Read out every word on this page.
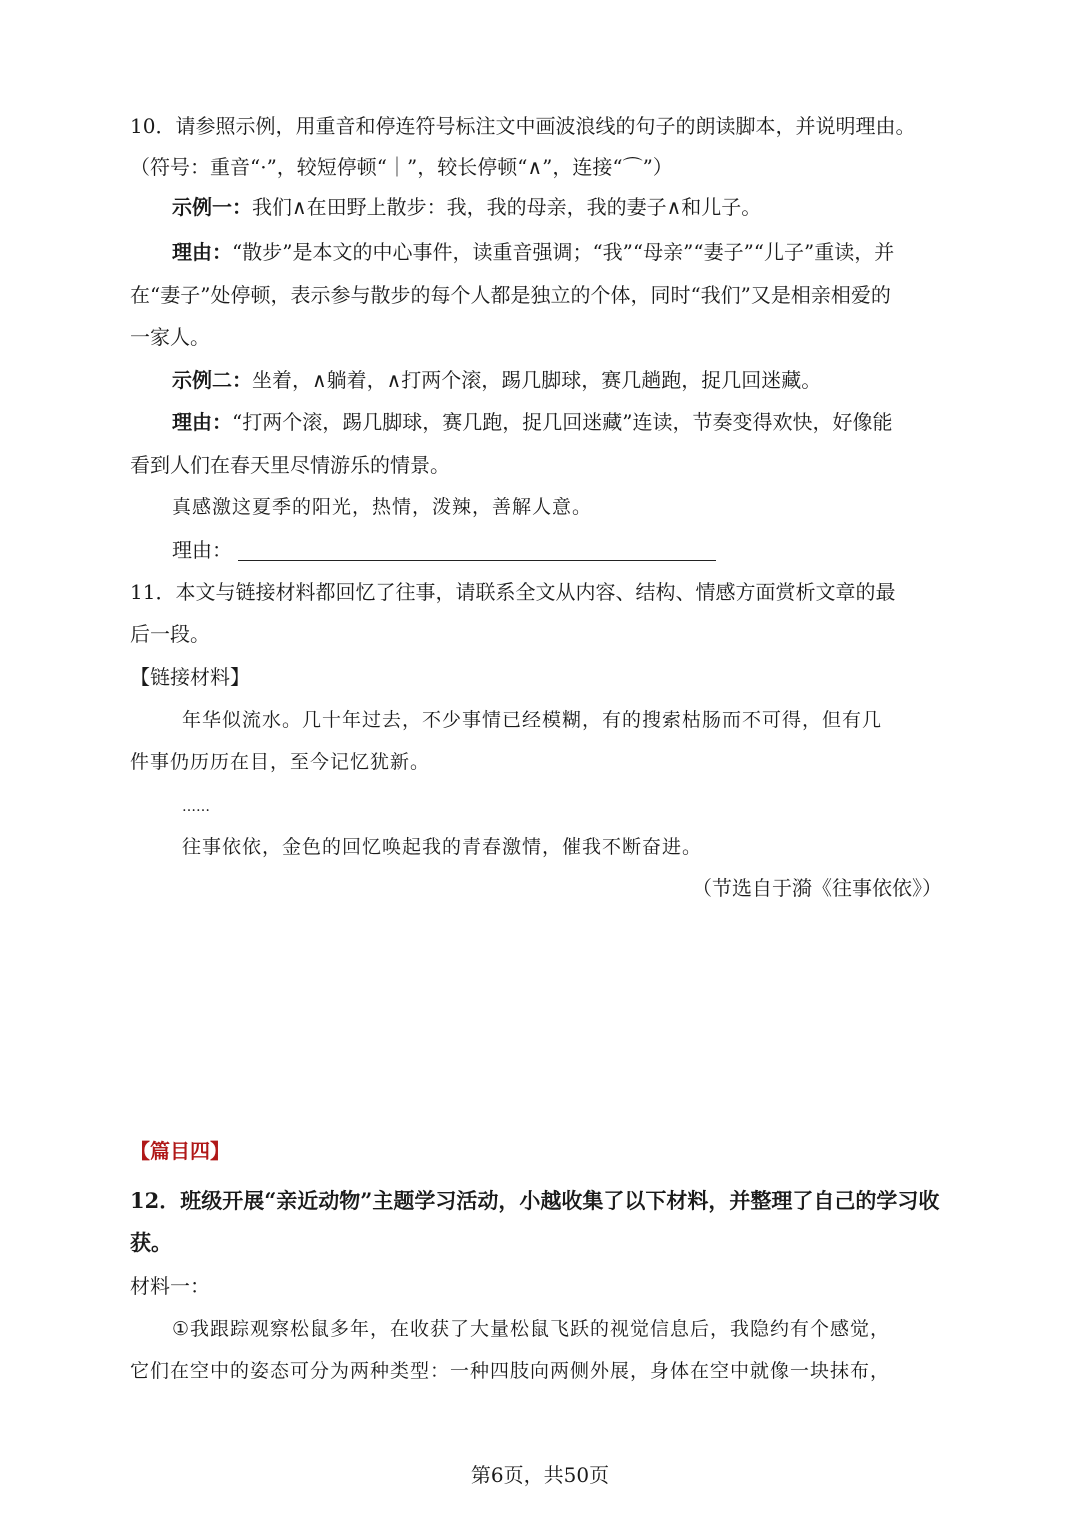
10．请参照示例，用重音和停连符号标注文中画波浪线的句子的朗读脚本，并说明理由。
（符号：重音“·”，较短停顿“｜”，较长停顿“∧”，连接“⌒”）
示例一：我们∧在田野上散步：我，我的母亲，我的妻子∧和儿子。
理由：“散步”是本文的中心事件，读重音强调；“我”“母亲”“妻子”“儿子”重读，并
在“妻子”处停顿，表示参与散步的每个人都是独立的个体，同时“我们”又是相亲相爱的
一家人。
示例二：坐着，∧躺着，∧打两个滚，踢几脚球，赛几趟跑，捉几回迷藏。
理由：“打两个滚，踢几脚球，赛几跑，捉几回迷藏”连读，节奏变得欢快，好像能
看到人们在春天里尽情游乐的情景。
真感激这夏季的阳光，热情，泼辣，善解人意。
理由：
11．本文与链接材料都回忆了往事，请联系全文从内容、结构、情感方面赏析文章的最
后一段。
【链接材料】
年华似流水。几十年过去，不少事情已经模糊，有的搜索枯肠而不可得，但有几
件事仍历历在目，至今记忆犹新。
……
往事依依，金色的回忆唤起我的青春激情，催我不断奋进。
（节选自于漪《往事依依》）
【篇目四】
12．班级开展“亲近动物”主题学习活动，小越收集了以下材料，并整理了自己的学习收
获。
材料一：
①我跟踪观察松鼠多年，在收获了大量松鼠飞跃的视觉信息后，我隐约有个感觉，
它们在空中的姿态可分为两种类型：一种四肢向两侧外展，身体在空中就像一块抹布，
第6页，共50页
